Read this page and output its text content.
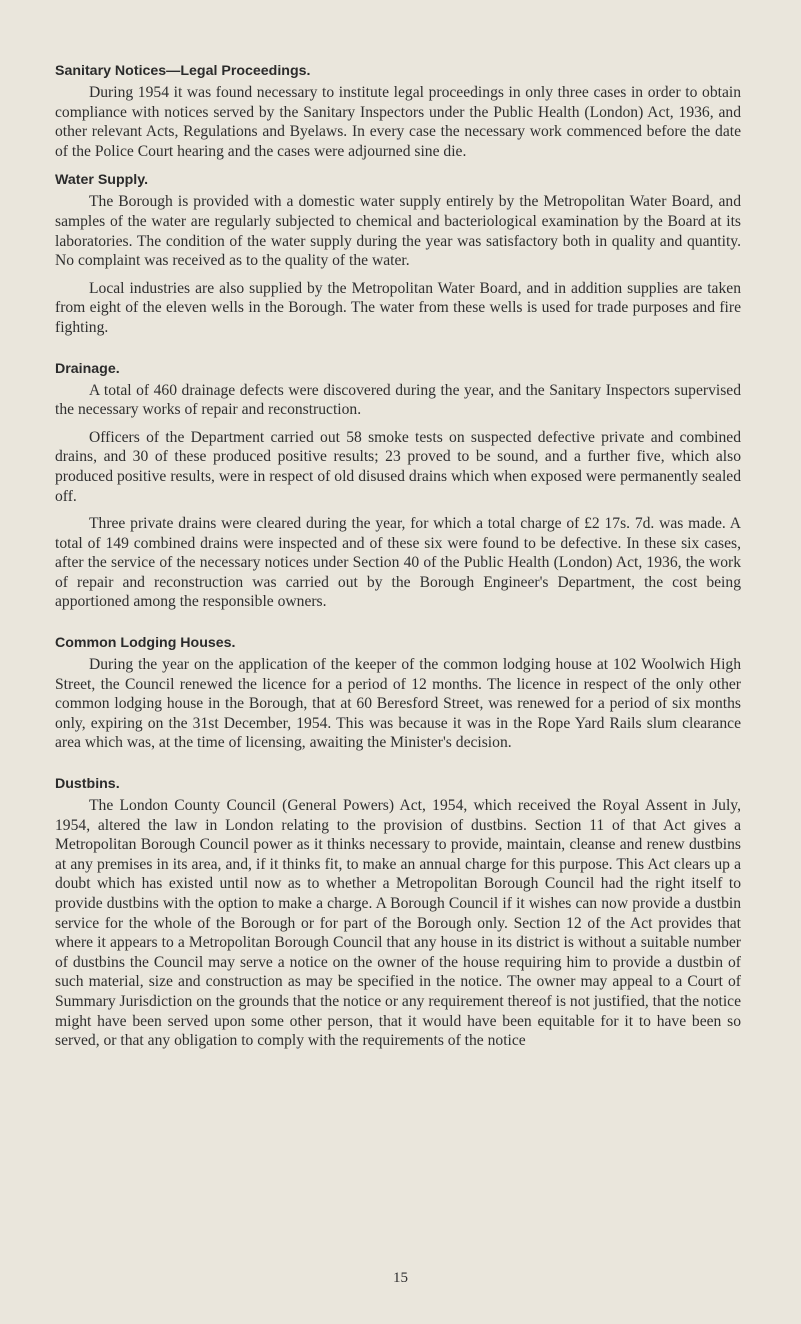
Sanitary Notices—Legal Proceedings.

During 1954 it was found necessary to institute legal proceedings in only three cases in order to obtain compliance with notices served by the Sanitary Inspectors under the Public Health (London) Act, 1936, and other relevant Acts, Regulations and Byelaws. In every case the necessary work commenced before the date of the Police Court hearing and the cases were adjourned sine die.

Water Supply.

The Borough is provided with a domestic water supply entirely by the Metropolitan Water Board, and samples of the water are regularly subjected to chemical and bacteriological examination by the Board at its laboratories. The condition of the water supply during the year was satisfactory both in quality and quantity. No complaint was received as to the quality of the water.

Local industries are also supplied by the Metropolitan Water Board, and in addition supplies are taken from eight of the eleven wells in the Borough. The water from these wells is used for trade purposes and fire fighting.

Drainage.

A total of 460 drainage defects were discovered during the year, and the Sanitary Inspectors supervised the necessary works of repair and reconstruction.

Officers of the Department carried out 58 smoke tests on suspected defective private and combined drains, and 30 of these produced positive results; 23 proved to be sound, and a further five, which also produced positive results, were in respect of old disused drains which when exposed were permanently sealed off.

Three private drains were cleared during the year, for which a total charge of £2 17s. 7d. was made. A total of 149 combined drains were inspected and of these six were found to be defective. In these six cases, after the service of the necessary notices under Section 40 of the Public Health (London) Act, 1936, the work of repair and reconstruction was carried out by the Borough Engineer's Department, the cost being apportioned among the responsible owners.

Common Lodging Houses.

During the year on the application of the keeper of the common lodging house at 102 Woolwich High Street, the Council renewed the licence for a period of 12 months. The licence in respect of the only other common lodging house in the Borough, that at 60 Beresford Street, was renewed for a period of six months only, expiring on the 31st December, 1954. This was because it was in the Rope Yard Rails slum clearance area which was, at the time of licensing, awaiting the Minister's decision.

Dustbins.

The London County Council (General Powers) Act, 1954, which received the Royal Assent in July, 1954, altered the law in London relating to the provision of dustbins. Section 11 of that Act gives a Metropolitan Borough Council power as it thinks necessary to provide, maintain, cleanse and renew dustbins at any premises in its area, and, if it thinks fit, to make an annual charge for this purpose. This Act clears up a doubt which has existed until now as to whether a Metropolitan Borough Council had the right itself to provide dustbins with the option to make a charge. A Borough Council if it wishes can now provide a dustbin service for the whole of the Borough or for part of the Borough only. Section 12 of the Act provides that where it appears to a Metropolitan Borough Council that any house in its district is without a suitable number of dustbins the Council may serve a notice on the owner of the house requiring him to provide a dustbin of such material, size and construction as may be specified in the notice. The owner may appeal to a Court of Summary Jurisdiction on the grounds that the notice or any requirement thereof is not justified, that the notice might have been served upon some other person, that it would have been equitable for it to have been so served, or that any obligation to comply with the requirements of the notice

15
